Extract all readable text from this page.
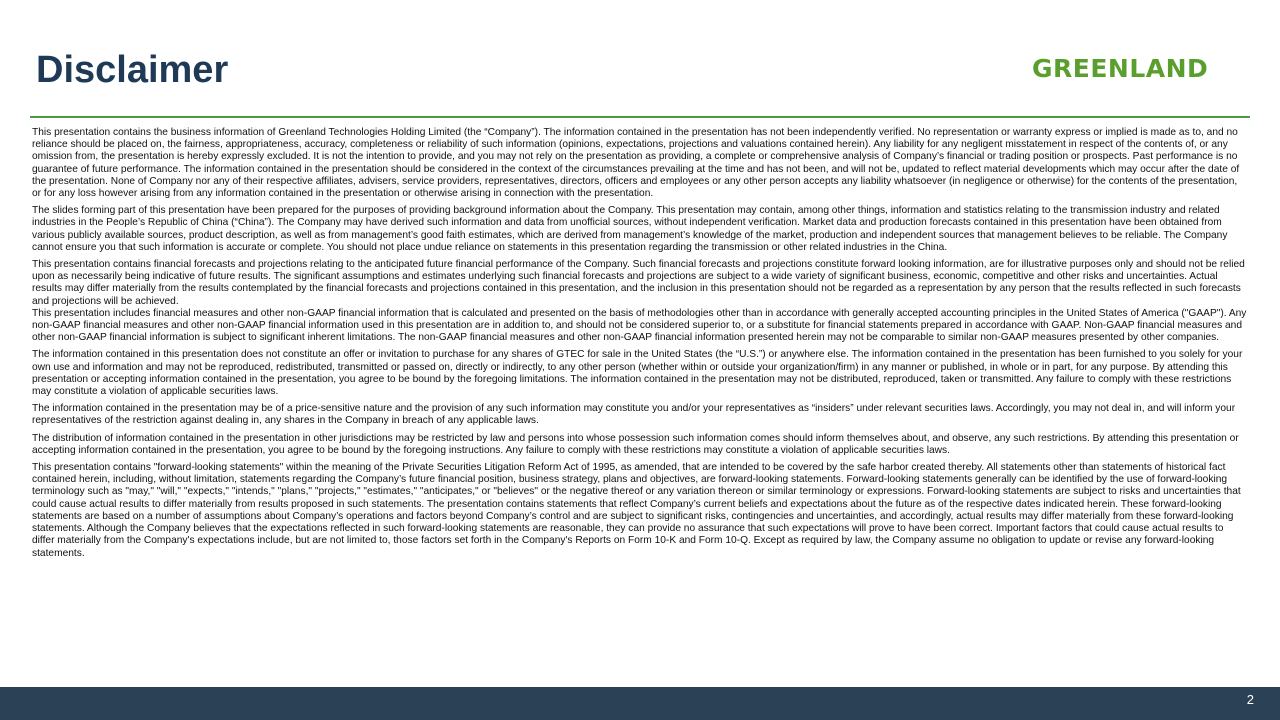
Disclaimer	GREENLAND

This presentation contains the business information of Greenland Technologies Holding Limited (the “Company”). The information contained in the presentation has not been independently verified. No representation or warranty express or implied is made as to, and no reliance should be placed on, the fairness, appropriateness, accuracy, completeness or reliability of such information (opinions, expectations, projections and valuations contained herein). Any liability for any negligent misstatement in respect of the contents of, or any omission from, the presentation is hereby expressly excluded. It is not the intention to provide, and you may not rely on the presentation as providing, a complete or comprehensive analysis of Company’s financial or trading position or prospects. Past performance is no guarantee of future performance. The information contained in the presentation should be considered in the context of the circumstances prevailing at the time and has not been, and will not be, updated to reflect material developments which may occur after the date of the presentation. None of Company nor any of their respective affiliates, advisers, service providers, representatives, directors, officers and employees or any other person accepts any liability whatsoever (in negligence or otherwise) for the contents of the presentation, or for any loss however arising from any information contained in the presentation or otherwise arising in connection with the presentation.

The slides forming part of this presentation have been prepared for the purposes of providing background information about the Company. This presentation may contain, among other things, information and statistics relating to the transmission industry and related industries in the People’s Republic of China (“China”). The Company may have derived such information and data from unofficial sources, without independent verification. Market data and production forecasts contained in this presentation have been obtained from various publicly available sources, product description, as well as from management’s good faith estimates, which are derived from management’s knowledge of the market, production and independent sources that management believes to be reliable. The Company cannot ensure you that such information is accurate or complete. You should not place undue reliance on statements in this presentation regarding the transmission or other related industries in the China.

This presentation contains financial forecasts and projections relating to the anticipated future financial performance of the Company. Such financial forecasts and projections constitute forward looking information, are for illustrative purposes only and should not be relied upon as necessarily being indicative of future results. The significant assumptions and estimates underlying such financial forecasts and projections are subject to a wide variety of significant business, economic, competitive and other risks and uncertainties. Actual results may differ materially from the results contemplated by the financial forecasts and projections contained in this presentation, and the inclusion in this presentation should not be regarded as a representation by any person that the results reflected in such forecasts and projections will be achieved.

This presentation includes financial measures and other non-GAAP financial information that is calculated and presented on the basis of methodologies other than in accordance with generally accepted accounting principles in the United States of America ("GAAP"). Any non-GAAP financial measures and other non-GAAP financial information used in this presentation are in addition to, and should not be considered superior to, or a substitute for financial statements prepared in accordance with GAAP. Non-GAAP financial measures and other non-GAAP financial information is subject to significant inherent limitations. The non-GAAP financial measures and other non-GAAP financial information presented herein may not be comparable to similar non-GAAP measures presented by other companies.

The information contained in this presentation does not constitute an offer or invitation to purchase for any shares of GTEC for sale in the United States (the “U.S.”) or anywhere else. The information contained in the presentation has been furnished to you solely for your own use and information and may not be reproduced, redistributed, transmitted or passed on, directly or indirectly, to any other person (whether within or outside your organization/firm) in any manner or published, in whole or in part, for any purpose. By attending this presentation or accepting information contained in the presentation, you agree to be bound by the foregoing limitations. The information contained in the presentation may not be distributed, reproduced, taken or transmitted. Any failure to comply with these restrictions may constitute a violation of applicable securities laws.

The information contained in the presentation may be of a price-sensitive nature and the provision of any such information may constitute you and/or your representatives as “insiders” under relevant securities laws. Accordingly, you may not deal in, and will inform your representatives of the restriction against dealing in, any shares in the Company in breach of any applicable laws.

The distribution of information contained in the presentation in other jurisdictions may be restricted by law and persons into whose possession such information comes should inform themselves about, and observe, any such restrictions. By attending this presentation or accepting information contained in the presentation, you agree to be bound by the foregoing instructions. Any failure to comply with these restrictions may constitute a violation of applicable securities laws.

This presentation contains "forward-looking statements" within the meaning of the Private Securities Litigation Reform Act of 1995, as amended, that are intended to be covered by the safe harbor created thereby. All statements other than statements of historical fact contained herein, including, without limitation, statements regarding the Company’s future financial position, business strategy, plans and objectives, are forward-looking statements. Forward-looking statements generally can be identified by the use of forward-looking terminology such as "may," "will," "expects," "intends," "plans," "projects," "estimates," "anticipates," or "believes" or the negative thereof or any variation thereon or similar terminology or expressions. Forward-looking statements are subject to risks and uncertainties that could cause actual results to differ materially from results proposed in such statements. The presentation contains statements that reflect Company’s current beliefs and expectations about the future as of the respective dates indicated herein. These forward-looking statements are based on a number of assumptions about Company’s operations and factors beyond Company’s control and are subject to significant risks, contingencies and uncertainties, and accordingly, actual results may differ materially from these forward-looking statements. Although the Company believes that the expectations reflected in such forward-looking statements are reasonable, they can provide no assurance that such expectations will prove to have been correct. Important factors that could cause actual results to differ materially from the Company's expectations include, but are not limited to, those factors set forth in the Company's Reports on Form 10-K and Form 10-Q. Except as required by law, the Company assume no obligation to update or revise any forward-looking statements.

2
